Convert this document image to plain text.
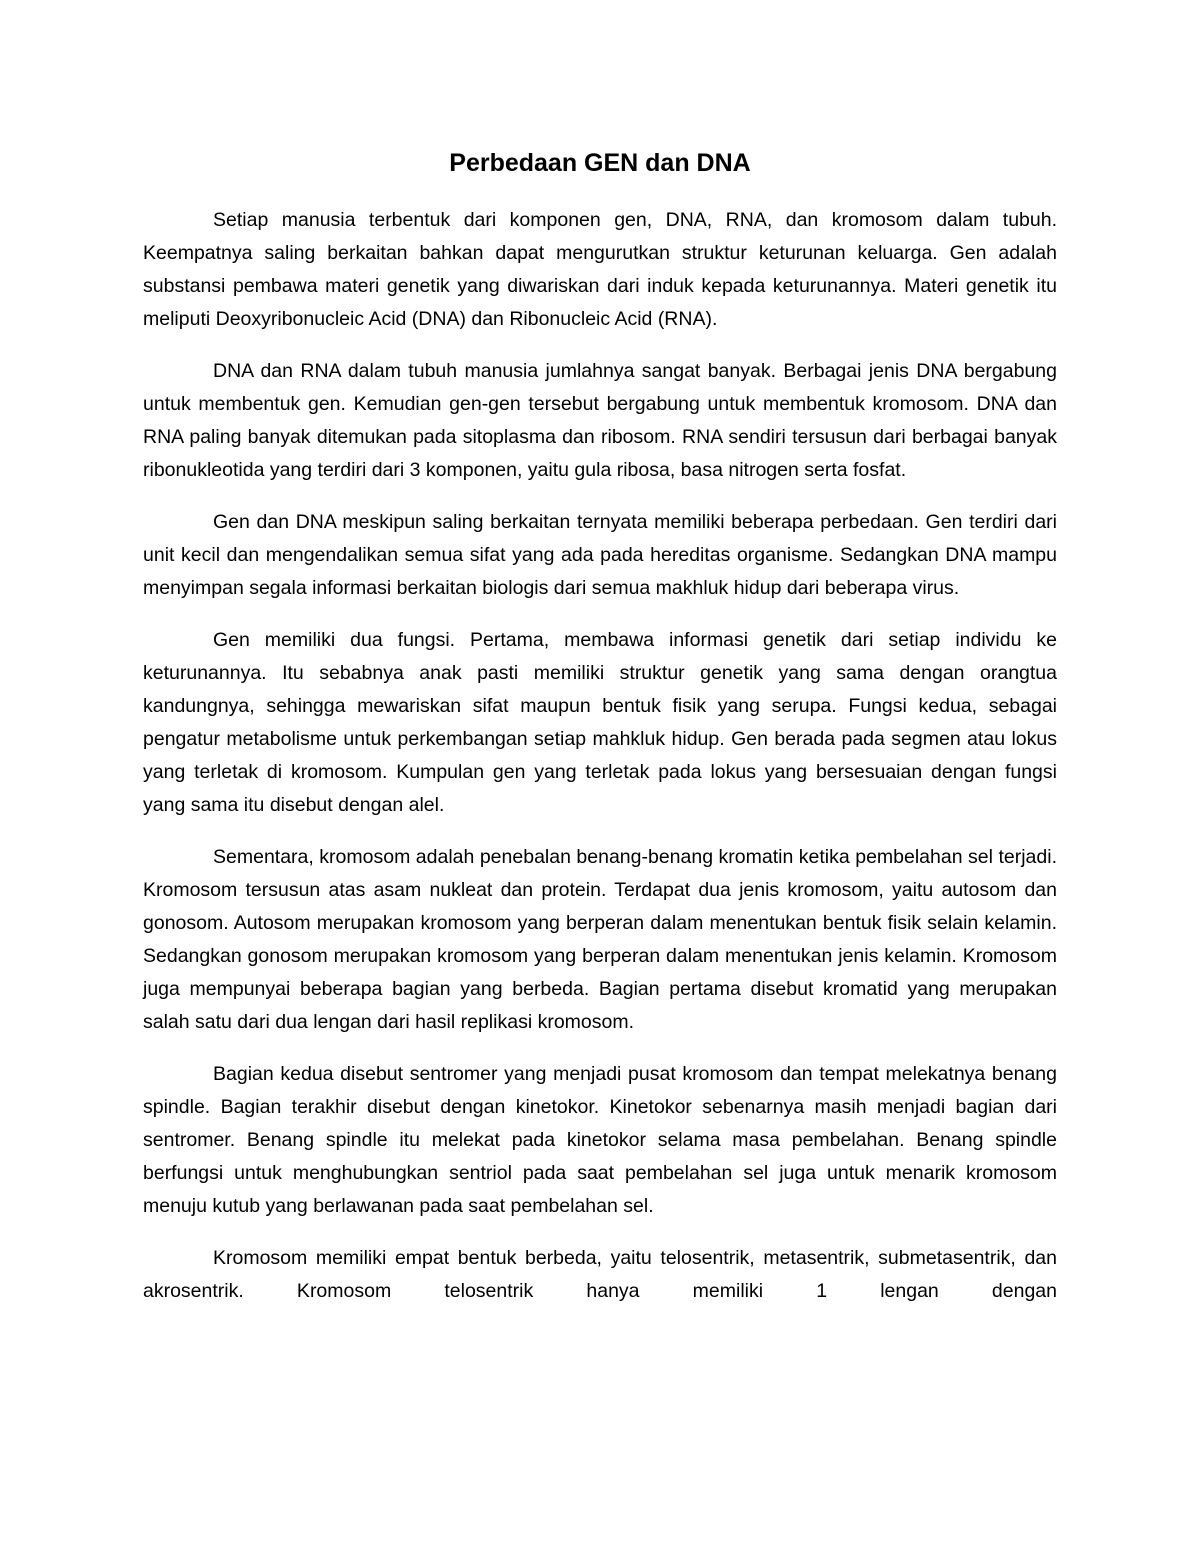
Perbedaan GEN dan DNA

Setiap manusia terbentuk dari komponen gen, DNA, RNA, dan kromosom dalam tubuh. Keempatnya saling berkaitan bahkan dapat mengurutkan struktur keturunan keluarga. Gen adalah substansi pembawa materi genetik yang diwariskan dari induk kepada keturunannya. Materi genetik itu meliputi Deoxyribonucleic Acid (DNA) dan Ribonucleic Acid (RNA).

DNA dan RNA dalam tubuh manusia jumlahnya sangat banyak. Berbagai jenis DNA bergabung untuk membentuk gen. Kemudian gen-gen tersebut bergabung untuk membentuk kromosom. DNA dan RNA paling banyak ditemukan pada sitoplasma dan ribosom. RNA sendiri tersusun dari berbagai banyak ribonukleotida yang terdiri dari 3 komponen, yaitu gula ribosa, basa nitrogen serta fosfat.

Gen dan DNA meskipun saling berkaitan ternyata memiliki beberapa perbedaan. Gen terdiri dari unit kecil dan mengendalikan semua sifat yang ada pada hereditas organisme. Sedangkan DNA mampu menyimpan segala informasi berkaitan biologis dari semua makhluk hidup dari beberapa virus.

Gen memiliki dua fungsi. Pertama, membawa informasi genetik dari setiap individu ke keturunannya. Itu sebabnya anak pasti memiliki struktur genetik yang sama dengan orangtua kandungnya, sehingga mewariskan sifat maupun bentuk fisik yang serupa. Fungsi kedua, sebagai pengatur metabolisme untuk perkembangan setiap mahkluk hidup. Gen berada pada segmen atau lokus yang terletak di kromosom. Kumpulan gen yang terletak pada lokus yang bersesuaian dengan fungsi yang sama itu disebut dengan alel.

Sementara, kromosom adalah penebalan benang-benang kromatin ketika pembelahan sel terjadi. Kromosom tersusun atas asam nukleat dan protein. Terdapat dua jenis kromosom, yaitu autosom dan gonosom. Autosom merupakan kromosom yang berperan dalam menentukan bentuk fisik selain kelamin. Sedangkan gonosom merupakan kromosom yang berperan dalam menentukan jenis kelamin. Kromosom juga mempunyai beberapa bagian yang berbeda. Bagian pertama disebut kromatid yang merupakan salah satu dari dua lengan dari hasil replikasi kromosom.

Bagian kedua disebut sentromer yang menjadi pusat kromosom dan tempat melekatnya benang spindle. Bagian terakhir disebut dengan kinetokor. Kinetokor sebenarnya masih menjadi bagian dari sentromer. Benang spindle itu melekat pada kinetokor selama masa pembelahan. Benang spindle berfungsi untuk menghubungkan sentriol pada saat pembelahan sel juga untuk menarik kromosom menuju kutub yang berlawanan pada saat pembelahan sel.

Kromosom memiliki empat bentuk berbeda, yaitu telosentrik, metasentrik, submetasentrik, dan akrosentrik. Kromosom telosentrik hanya memiliki 1 lengan dengan
